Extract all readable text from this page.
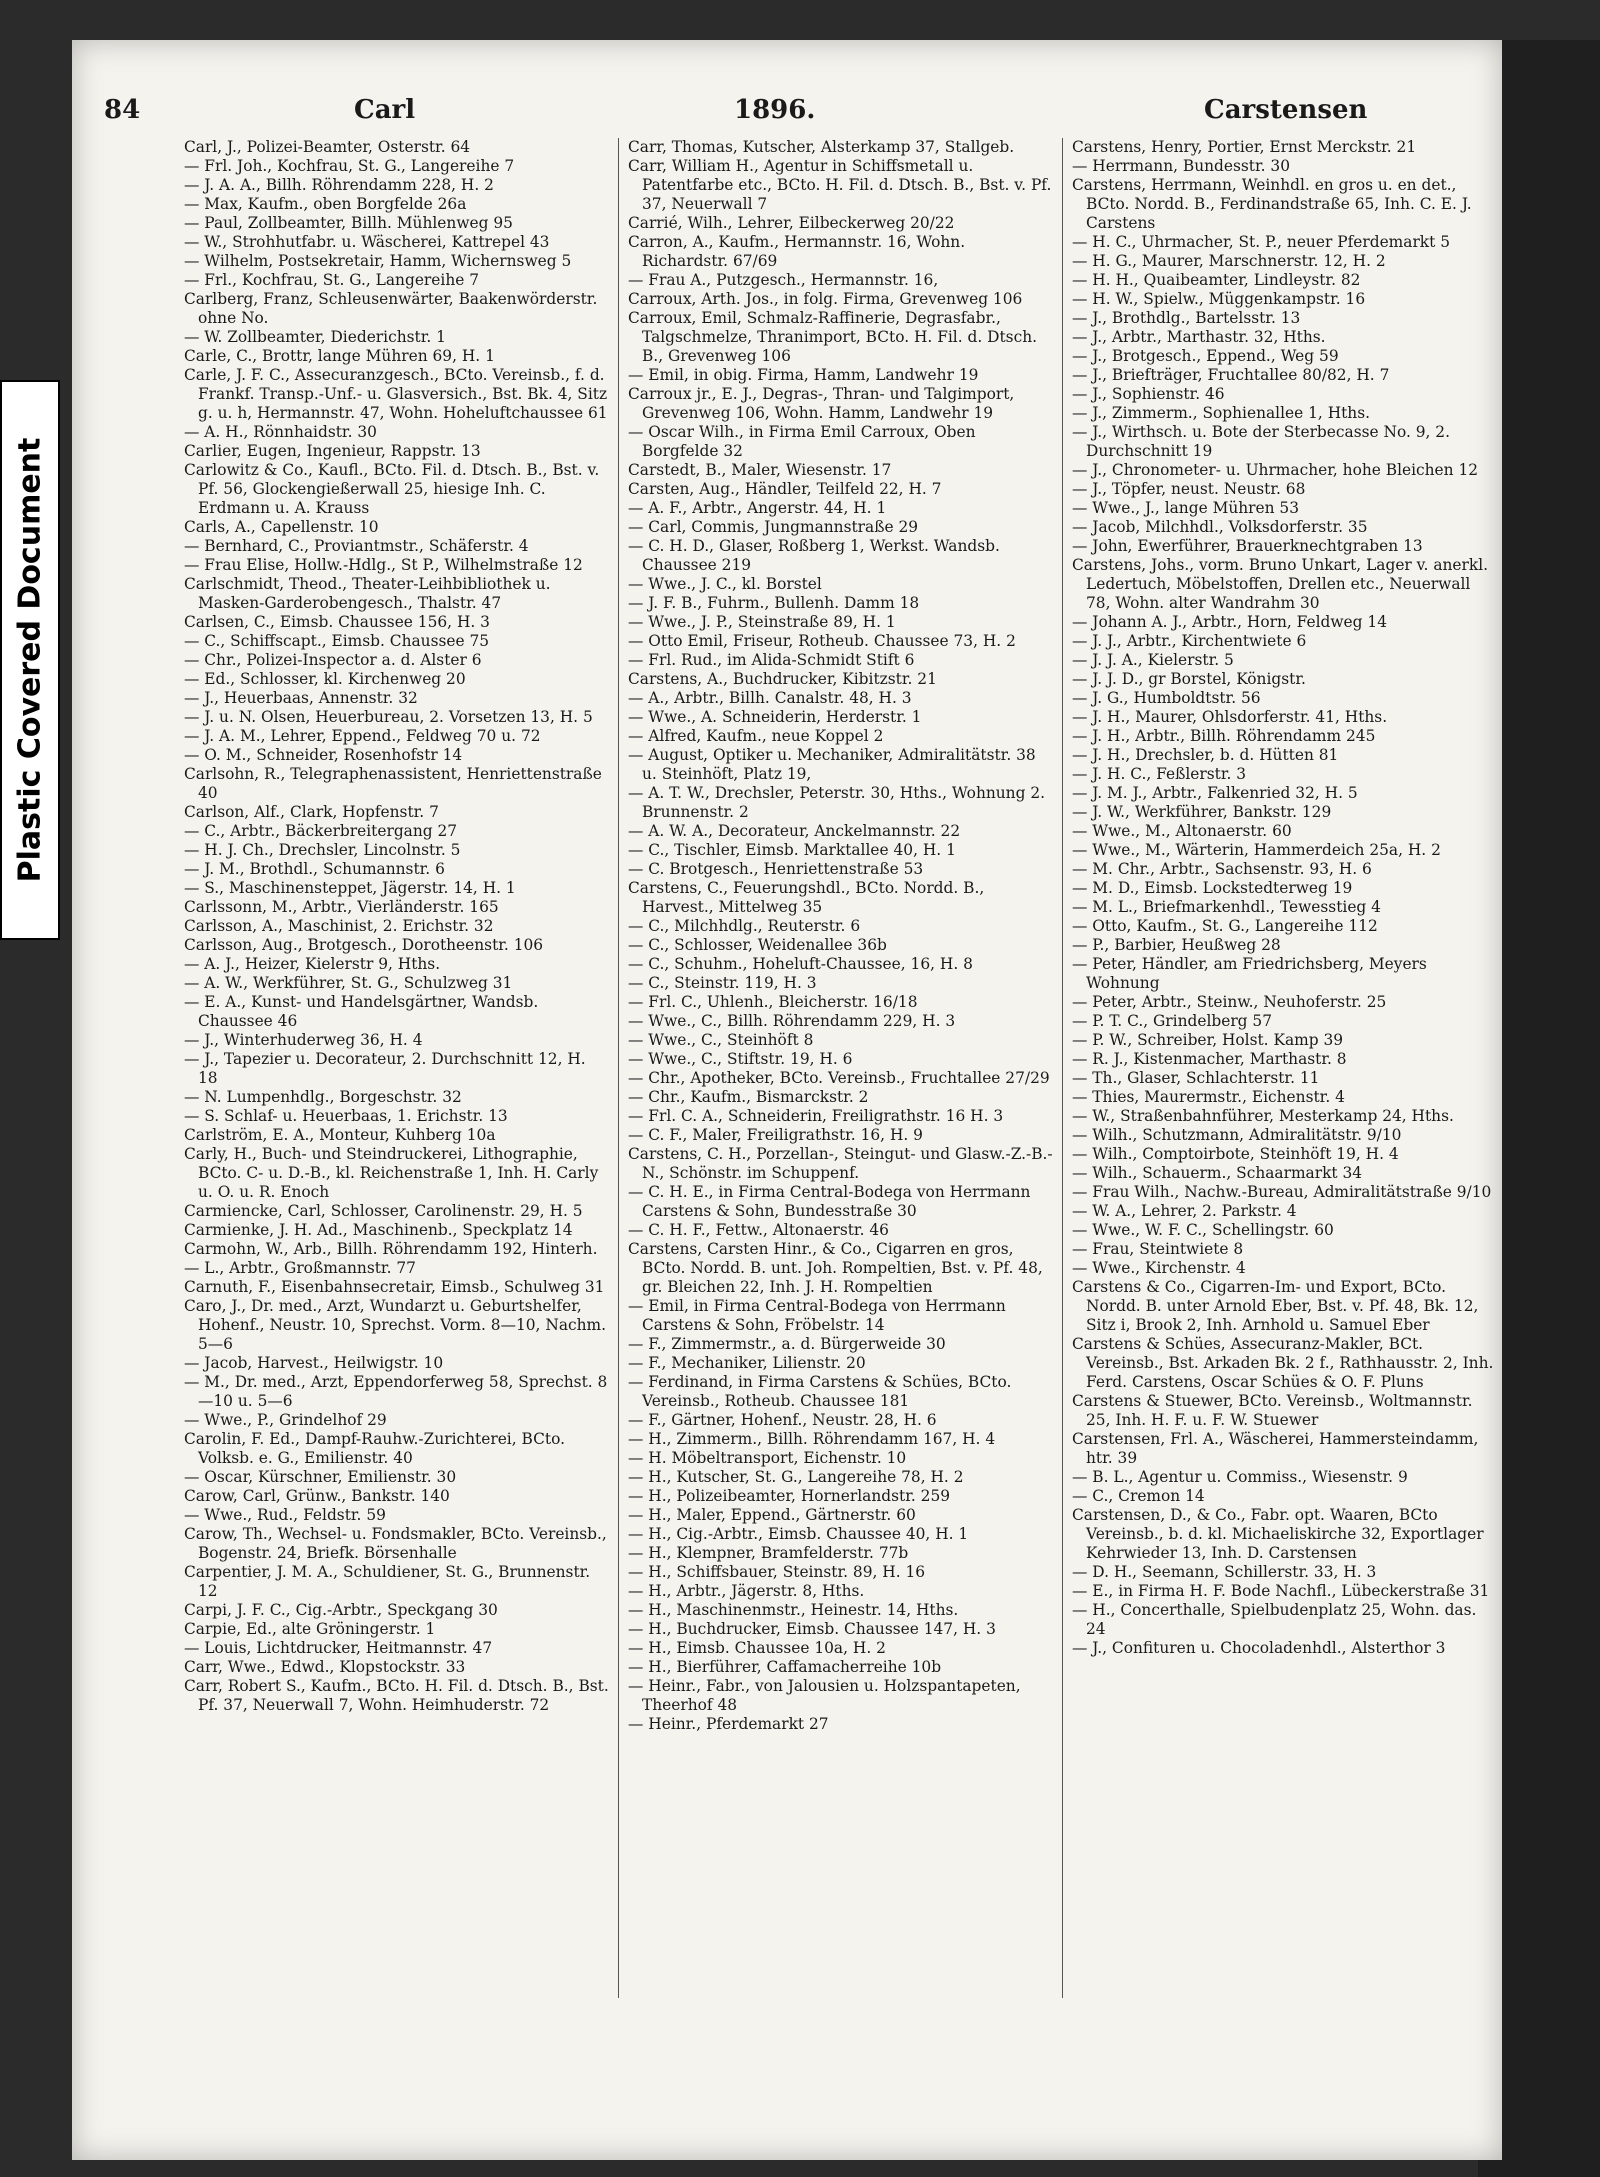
Plastic Covered Document
84	Carl	1896.	Carstensen

Carl, J., Polizei-Beamter, Osterstr. 64

— Frl. Joh., Kochfrau, St. G., Langereihe 7

— J. A. A., Billh. Röhrendamm 228, H. 2

— Max, Kaufm., oben Borgfelde 26a

— Paul, Zollbeamter, Billh. Mühlenweg 95

— W., Strohhutfabr. u. Wäscherei, Kattrepel 43

— Wilhelm, Postsekretair, Hamm, Wichernsweg 5

— Frl., Kochfrau, St. G., Langereihe 7

Carlberg, Franz, Schleusenwärter, Baakenwörderstr. ohne No.

— W. Zollbeamter, Diederichstr. 1

Carle, C., Brottr, lange Mühren 69, H. 1

Carle, J. F. C., Assecuranzgesch., BCto. Vereinsb., f. d. Frankf. Transp.-Unf.- u. Glasversich., Bst. Bk. 4, Sitz g. u. h, Hermannstr. 47, Wohn. Hoheluftchaussee 61

— A. H., Rönnhaidstr. 30

Carlier, Eugen, Ingenieur, Rappstr. 13

Carlowitz & Co., Kaufl., BCto. Fil. d. Dtsch. B., Bst. v. Pf. 56, Glockengießerwall 25, hiesige Inh. C. Erdmann u. A. Krauss

Carls, A., Capellenstr. 10

— Bernhard, C., Proviantmstr., Schäferstr. 4

— Frau Elise, Hollw.-Hdlg., St P., Wilhelmstraße 12

Carlschmidt, Theod., Theater-Leihbibliothek u. Masken-Garderobengesch., Thalstr. 47

Carlsen, C., Eimsb. Chaussee 156, H. 3

— C., Schiffscapt., Eimsb. Chaussee 75

— Chr., Polizei-Inspector a. d. Alster 6

— Ed., Schlosser, kl. Kirchenweg 20

— J., Heuerbaas, Annenstr. 32

— J. u. N. Olsen, Heuerbureau, 2. Vorsetzen 13, H. 5

— J. A. M., Lehrer, Eppend., Feldweg 70 u. 72

— O. M., Schneider, Rosenhofstr 14

Carlsohn, R., Telegraphenassistent, Henriettenstraße 40

Carlson, Alf., Clark, Hopfenstr. 7

— C., Arbtr., Bäckerbreitergang 27

— H. J. Ch., Drechsler, Lincolnstr. 5

— J. M., Brothdl., Schumannstr. 6

— S., Maschinensteppet, Jägerstr. 14, H. 1

Carlssonn, M., Arbtr., Vierländerstr. 165

Carlsson, A., Maschinist, 2. Erichstr. 32

Carlsson, Aug., Brotgesch., Dorotheenstr. 106

— A. J., Heizer, Kielerstr 9, Hths.

— A. W., Werkführer, St. G., Schulzweg 31

— E. A., Kunst- und Handelsgärtner, Wandsb. Chaussee 46

— J., Winterhuderweg 36, H. 4

— J., Tapezier u. Decorateur, 2. Durchschnitt 12, H. 18

— N. Lumpenhdlg., Borgeschstr. 32

— S. Schlaf- u. Heuerbaas, 1. Erichstr. 13

Carlström, E. A., Monteur, Kuhberg 10a

Carly, H., Buch- und Steindruckerei, Lithographie, BCto. C- u. D.-B., kl. Reichenstraße 1, Inh. H. Carly u. O. u. R. Enoch

Carmiencke, Carl, Schlosser, Carolinenstr. 29, H. 5

Carmienke, J. H. Ad., Maschinenb., Speckplatz 14

Carmohn, W., Arb., Billh. Röhrendamm 192, Hinterh.

— L., Arbtr., Großmannstr. 77

Carnuth, F., Eisenbahnsecretair, Eimsb., Schulweg 31

Caro, J., Dr. med., Arzt, Wundarzt u. Geburtshelfer, Hohenf., Neustr. 10, Sprechst. Vorm. 8—10, Nachm. 5—6

— Jacob, Harvest., Heilwigstr. 10

— M., Dr. med., Arzt, Eppendorferweg 58, Sprechst. 8—10 u. 5—6

— Wwe., P., Grindelhof 29

Carolin, F. Ed., Dampf-Rauhw.-Zurichterei, BCto. Volksb. e. G., Emilienstr. 40

— Oscar, Kürschner, Emilienstr. 30

Carow, Carl, Grünw., Bankstr. 140

— Wwe., Rud., Feldstr. 59

Carow, Th., Wechsel- u. Fondsmakler, BCto. Vereinsb., Bogenstr. 24, Briefk. Börsenhalle

Carpentier, J. M. A., Schuldiener, St. G., Brunnenstr. 12

Carpi, J. F. C., Cig.-Arbtr., Speckgang 30

Carpie, Ed., alte Gröningerstr. 1

— Louis, Lichtdrucker, Heitmannstr. 47

Carr, Wwe., Edwd., Klopstockstr. 33

Carr, Robert S., Kaufm., BCto. H. Fil. d. Dtsch. B., Bst. Pf. 37, Neuerwall 7, Wohn. Heimhuderstr. 72

Carr, Thomas, Kutscher, Alsterkamp 37, Stallgeb.

Carr, William H., Agentur in Schiffsmetall u. Patentfarbe etc., BCto. H. Fil. d. Dtsch. B., Bst. v. Pf. 37, Neuerwall 7

Carrié, Wilh., Lehrer, Eilbeckerweg 20/22

Carron, A., Kaufm., Hermannstr. 16, Wohn. Richardstr. 67/69

— Frau A., Putzgesch., Hermannstr. 16,

Carroux, Arth. Jos., in folg. Firma, Grevenweg 106

Carroux, Emil, Schmalz-Raffinerie, Degrasfabr., Talgschmelze, Thranimport, BCto. H. Fil. d. Dtsch. B., Grevenweg 106

— Emil, in obig. Firma, Hamm, Landwehr 19

Carroux jr., E. J., Degras-, Thran- und Talgimport, Grevenweg 106, Wohn. Hamm, Landwehr 19

— Oscar Wilh., in Firma Emil Carroux, Oben Borgfelde 32

Carstedt, B., Maler, Wiesenstr. 17

Carsten, Aug., Händler, Teilfeld 22, H. 7

— A. F., Arbtr., Angerstr. 44, H. 1

— Carl, Commis, Jungmannstraße 29

— C. H. D., Glaser, Roßberg 1, Werkst. Wandsb. Chaussee 219

— Wwe., J. C., kl. Borstel

— J. F. B., Fuhrm., Bullenh. Damm 18

— Wwe., J. P., Steinstraße 89, H. 1

— Otto Emil, Friseur, Rotheub. Chaussee 73, H. 2

— Frl. Rud., im Alida-Schmidt Stift 6

Carstens, A., Buchdrucker, Kibitzstr. 21

— A., Arbtr., Billh. Canalstr. 48, H. 3

— Wwe., A. Schneiderin, Herderstr. 1

— Alfred, Kaufm., neue Koppel 2

— August, Optiker u. Mechaniker, Admiralitätstr. 38 u. Steinhöft, Platz 19,

— A. T. W., Drechsler, Peterstr. 30, Hths., Wohnung 2. Brunnenstr. 2

— A. W. A., Decorateur, Anckelmannstr. 22

— C., Tischler, Eimsb. Marktallee 40, H. 1

— C. Brotgesch., Henriettenstraße 53

Carstens, C., Feuerungshdl., BCto. Nordd. B., Harvest., Mittelweg 35

— C., Milchhdlg., Reuterstr. 6

— C., Schlosser, Weidenallee 36b

— C., Schuhm., Hoheluft-Chaussee, 16, H. 8

— C., Steinstr. 119, H. 3

— Frl. C., Uhlenh., Bleicherstr. 16/18

— Wwe., C., Billh. Röhrendamm 229, H. 3

— Wwe., C., Steinhöft 8

— Wwe., C., Stiftstr. 19, H. 6

— Chr., Apotheker, BCto. Vereinsb., Fruchtallee 27/29

— Chr., Kaufm., Bismarckstr. 2

— Frl. C. A., Schneiderin, Freiligrathstr. 16 H. 3

— C. F., Maler, Freiligrathstr. 16, H. 9

Carstens, C. H., Porzellan-, Steingut- und Glasw.-Z.-B.-N., Schönstr. im Schuppenf.

— C. H. E., in Firma Central-Bodega von Herrmann Carstens & Sohn, Bundesstraße 30

— C. H. F., Fettw., Altonaerstr. 46

Carstens, Carsten Hinr., & Co., Cigarren en gros, BCto. Nordd. B. unt. Joh. Rompeltien, Bst. v. Pf. 48, gr. Bleichen 22, Inh. J. H. Rompeltien

— Emil, in Firma Central-Bodega von Herrmann Carstens & Sohn, Fröbelstr. 14

— F., Zimmermstr., a. d. Bürgerweide 30

— F., Mechaniker, Lilienstr. 20

— Ferdinand, in Firma Carstens & Schües, BCto. Vereinsb., Rotheub. Chaussee 181

— F., Gärtner, Hohenf., Neustr. 28, H. 6

— H., Zimmerm., Billh. Röhrendamm 167, H. 4

— H. Möbeltransport, Eichenstr. 10

— H., Kutscher, St. G., Langereihe 78, H. 2

— H., Polizeibeamter, Hornerlandstr. 259

— H., Maler, Eppend., Gärtnerstr. 60

— H., Cig.-Arbtr., Eimsb. Chaussee 40, H. 1

— H., Klempner, Bramfelderstr. 77b

— H., Schiffsbauer, Steinstr. 89, H. 16

— H., Arbtr., Jägerstr. 8, Hths.

— H., Maschinenmstr., Heinestr. 14, Hths.

— H., Buchdrucker, Eimsb. Chaussee 147, H. 3

— H., Eimsb. Chaussee 10a, H. 2

— H., Bierführer, Caffamacherreihe 10b

— Heinr., Fabr., von Jalousien u. Holzspantapeten, Theerhof 48

— Heinr., Pferdemarkt 27

Carstens, Henry, Portier, Ernst Merckstr. 21

— Herrmann, Bundesstr. 30

Carstens, Herrmann, Weinhdl. en gros u. en det., BCto. Nordd. B., Ferdinandstraße 65, Inh. C. E. J. Carstens

— H. C., Uhrmacher, St. P., neuer Pferdemarkt 5

— H. G., Maurer, Marschnerstr. 12, H. 2

— H. H., Quaibeamter, Lindleystr. 82

— H. W., Spielw., Müggenkampstr. 16

— J., Brothdlg., Bartelsstr. 13

— J., Arbtr., Marthastr. 32, Hths.

— J., Brotgesch., Eppend., Weg 59

— J., Briefträger, Fruchtallee 80/82, H. 7

— J., Sophienstr. 46

— J., Zimmerm., Sophienallee 1, Hths.

— J., Wirthsch. u. Bote der Sterbecasse No. 9, 2. Durchschnitt 19

— J., Chronometer- u. Uhrmacher, hohe Bleichen 12

— J., Töpfer, neust. Neustr. 68

— Wwe., J., lange Mühren 53

— Jacob, Milchhdl., Volksdorferstr. 35

— John, Ewerführer, Brauerknechtgraben 13

Carstens, Johs., vorm. Bruno Unkart, Lager v. anerkl. Ledertuch, Möbelstoffen, Drellen etc., Neuerwall 78, Wohn. alter Wandrahm 30

— Johann A. J., Arbtr., Horn, Feldweg 14

— J. J., Arbtr., Kirchentwiete 6

— J. J. A., Kielerstr. 5

— J. J. D., gr Borstel, Königstr.

— J. G., Humboldtstr. 56

— J. H., Maurer, Ohlsdorferstr. 41, Hths.

— J. H., Arbtr., Billh. Röhrendamm 245

— J. H., Drechsler, b. d. Hütten 81

— J. H. C., Feßlerstr. 3

— J. M. J., Arbtr., Falkenried 32, H. 5

— J. W., Werkführer, Bankstr. 129

— Wwe., M., Altonaerstr. 60

— Wwe., M., Wärterin, Hammerdeich 25a, H. 2

— M. Chr., Arbtr., Sachsenstr. 93, H. 6

— M. D., Eimsb. Lockstedterweg 19

— M. L., Briefmarkenhdl., Tewesstieg 4

— Otto, Kaufm., St. G., Langereihe 112

— P., Barbier, Heußweg 28

— Peter, Händler, am Friedrichsberg, Meyers Wohnung

— Peter, Arbtr., Steinw., Neuhoferstr. 25

— P. T. C., Grindelberg 57

— P. W., Schreiber, Holst. Kamp 39

— R. J., Kistenmacher, Marthastr. 8

— Th., Glaser, Schlachterstr. 11

— Thies, Maurermstr., Eichenstr. 4

— W., Straßenbahnführer, Mesterkamp 24, Hths.

— Wilh., Schutzmann, Admiralitätstr. 9/10

— Wilh., Comptoirbote, Steinhöft 19, H. 4

— Wilh., Schauerm., Schaarmarkt 34

— Frau Wilh., Nachw.-Bureau, Admiralitätstraße 9/10

— W. A., Lehrer, 2. Parkstr. 4

— Wwe., W. F. C., Schellingstr. 60

— Frau, Steintwiete 8

— Wwe., Kirchenstr. 4

Carstens & Co., Cigarren-Im- und Export, BCto. Nordd. B. unter Arnold Eber, Bst. v. Pf. 48, Bk. 12, Sitz i, Brook 2, Inh. Arnhold u. Samuel Eber

Carstens & Schües, Assecuranz-Makler, BCt. Vereinsb., Bst. Arkaden Bk. 2 f., Rathhausstr. 2, Inh. Ferd. Carstens, Oscar Schües & O. F. Pluns

Carstens & Stuewer, BCto. Vereinsb., Woltmannstr. 25, Inh. H. F. u. F. W. Stuewer

Carstensen, Frl. A., Wäscherei, Hammersteindamm, htr. 39

— B. L., Agentur u. Commiss., Wiesenstr. 9

— C., Cremon 14

Carstensen, D., & Co., Fabr. opt. Waaren, BCto Vereinsb., b. d. kl. Michaeliskirche 32, Exportlager Kehrwieder 13, Inh. D. Carstensen

— D. H., Seemann, Schillerstr. 33, H. 3

— E., in Firma H. F. Bode Nachfl., Lübeckerstraße 31

— H., Concerthalle, Spielbudenplatz 25, Wohn. das. 24

— J., Confituren u. Chocoladenhdl., Alsterthor 3
